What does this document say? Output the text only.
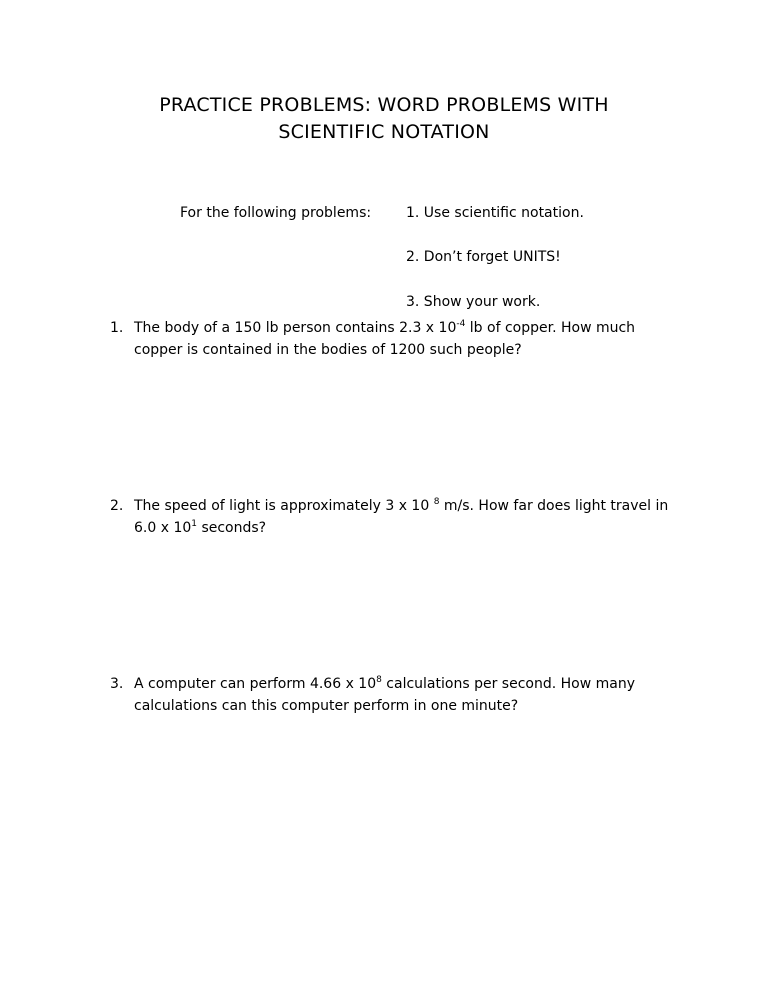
PRACTICE PROBLEMS: WORD PROBLEMS WITH
SCIENTIFIC NOTATION
For the following problems: 1. Use scientific notation.
2. Don’t forget UNITS!
3. Show your work.
1. The body of a 150 lb person contains 2.3 x $10^{-4}$ lb of copper. How much
copper is contained in the bodies of 1200 such people?
2. The speed of light is approximately 3 x 10 $^8$ m/s. How far does light travel in
6.0 x $10^1$ seconds?
3. A computer can perform 4.66 x $10^8$ calculations per second. How many
calculations can this computer perform in one minute?
